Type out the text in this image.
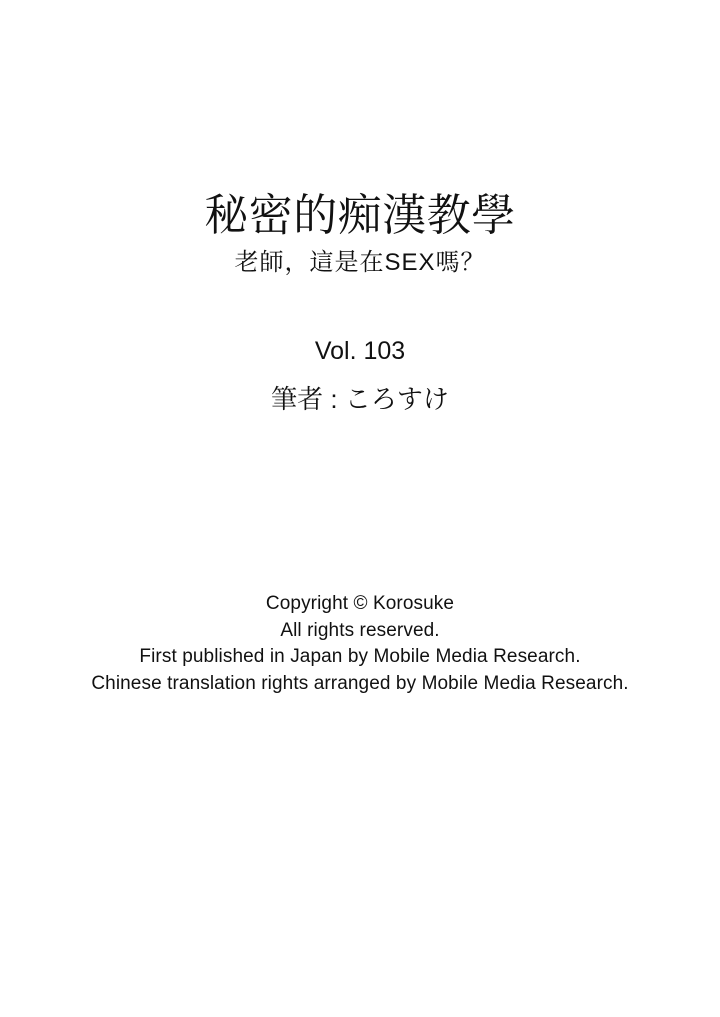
秘密的痴漢教學
老師，這是在SEX嗎？
Vol. 103
筆者 : ころすけ
Copyright © Korosuke
All rights reserved.
First published in Japan by Mobile Media Research.
Chinese translation rights arranged by Mobile Media Research.
